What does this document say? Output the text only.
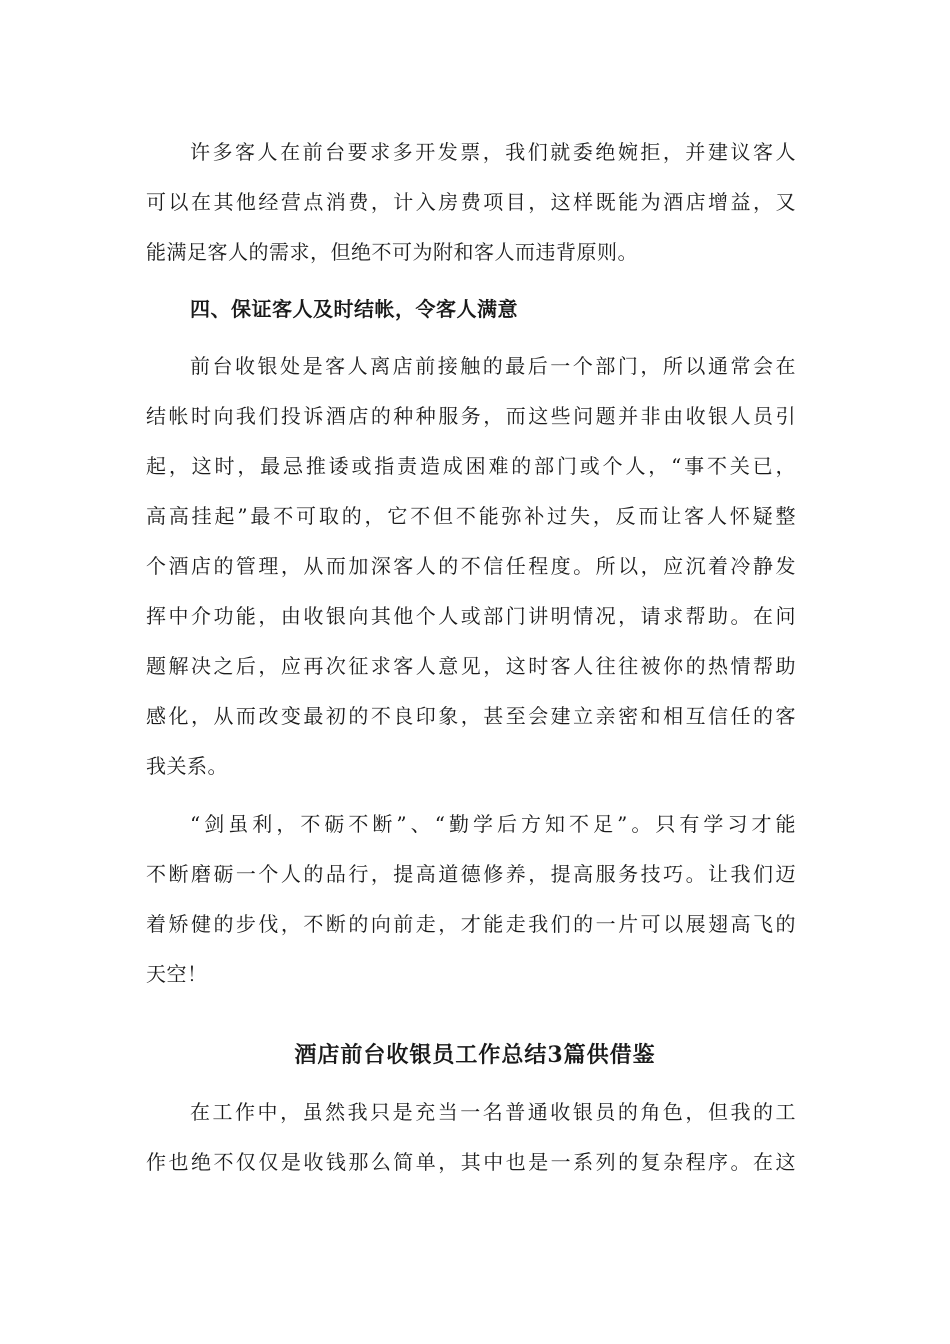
许多客人在前台要求多开发票，我们就委绝婉拒，并建议客人
可以在其他经营点消费，计入房费项目，这样既能为酒店增益，又
能满足客人的需求，但绝不可为附和客人而违背原则。
四、保证客人及时结帐，令客人满意
前台收银处是客人离店前接触的最后一个部门，所以通常会在
结帐时向我们投诉酒店的种种服务，而这些问题并非由收银人员引
起，这时，最忌推诿或指责造成困难的部门或个人，“事不关已，
高高挂起”最不可取的，它不但不能弥补过失，反而让客人怀疑整
个酒店的管理，从而加深客人的不信任程度。所以，应沉着冷静发
挥中介功能，由收银向其他个人或部门讲明情况，请求帮助。在问
题解决之后，应再次征求客人意见，这时客人往往被你的热情帮助
感化，从而改变最初的不良印象，甚至会建立亲密和相互信任的客
我关系。
“剑虽利，不砺不断”、“勤学后方知不足”。只有学习才能
不断磨砺一个人的品行，提高道德修养，提高服务技巧。让我们迈
着矫健的步伐，不断的向前走，才能走我们的一片可以展翅高飞的
天空！
酒店前台收银员工作总结3篇供借鉴
在工作中，虽然我只是充当一名普通收银员的角色，但我的工
作也绝不仅仅是收钱那么简单，其中也是一系列的复杂程序。在这
